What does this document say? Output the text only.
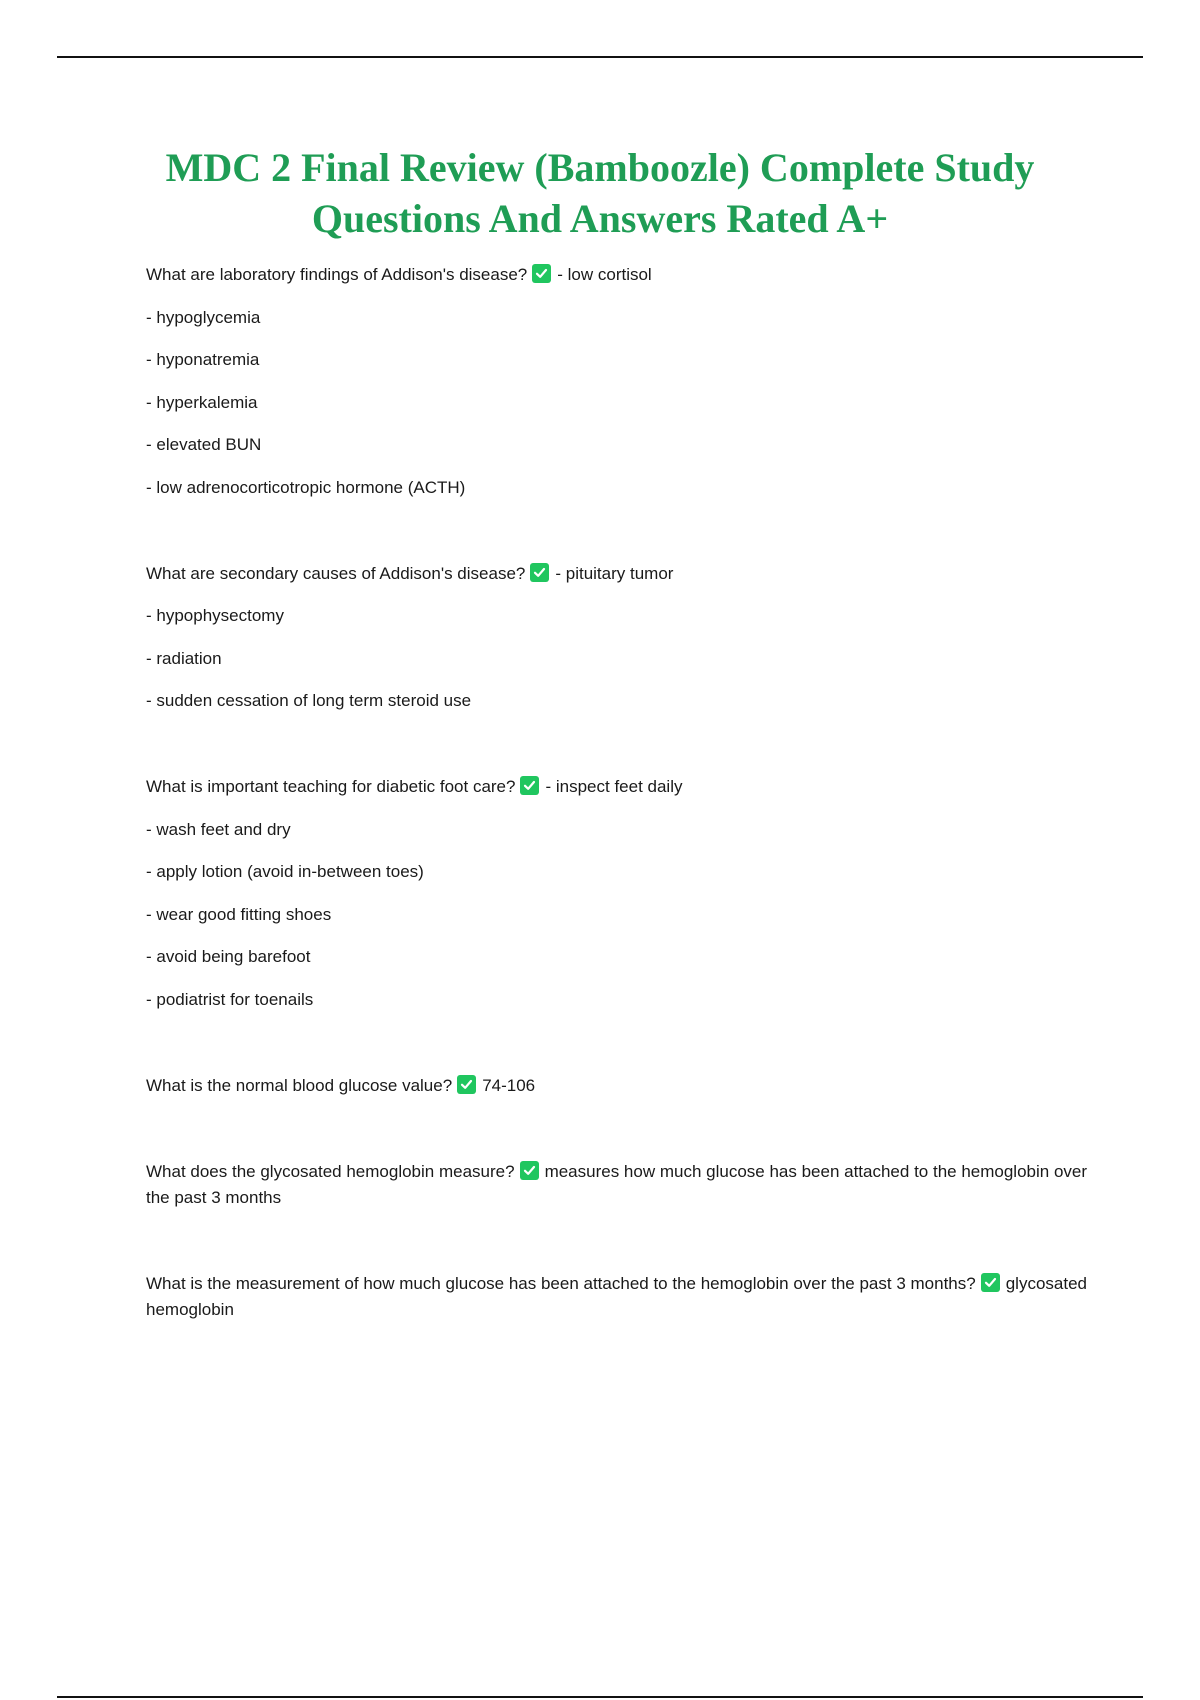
MDC 2 Final Review (Bamboozle) Complete Study Questions And Answers Rated A+
What are laboratory findings of Addison's disease? - low cortisol
- hypoglycemia
- hyponatremia
- hyperkalemia
- elevated BUN
- low adrenocorticotropic hormone (ACTH)
What are secondary causes of Addison's disease? - pituitary tumor
- hypophysectomy
- radiation
- sudden cessation of long term steroid use
What is important teaching for diabetic foot care? - inspect feet daily
- wash feet and dry
- apply lotion (avoid in-between toes)
- wear good fitting shoes
- avoid being barefoot
- podiatrist for toenails
What is the normal blood glucose value? 74-106
What does the glycosated hemoglobin measure? measures how much glucose has been attached to the hemoglobin over the past 3 months
What is the measurement of how much glucose has been attached to the hemoglobin over the past 3 months? glycosated hemoglobin
